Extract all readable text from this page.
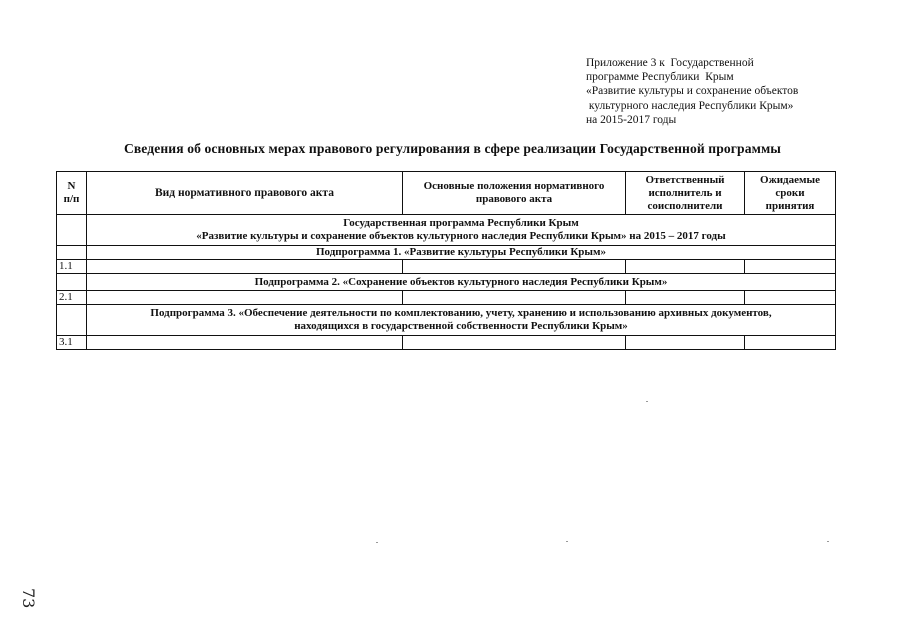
Приложение 3 к  Государственной
программе Республики  Крым
«Развитие культуры и сохранение объектов
культурного наследия Республики Крым»
на 2015-2017 годы
Сведения об основных мерах правового регулирования в сфере реализации Государственной программы
N
п/п	Вид нормативного правового акта	Основные положения нормативного
правового акта	Ответственный
исполнитель и
соисполнители	Ожидаемые
сроки
принятия

	Государственная программа Республики Крым
«Развитие культуры и сохранение объектов культурного наследия Республики Крым» на 2015 – 2017 годы			

	Подпрограмма 1. «Развитие культуры Республики Крым»			
1.1				
	Подпрограмма 2. «Сохранение объектов культурного наследия Республики Крым»			
2.1				

	Подпрограмма 3. «Обеспечение деятельности по комплектованию, учету, хранению и использованию архивных документов,
находящихся в государственной собственности Республики Крым»			

3.1				
73
